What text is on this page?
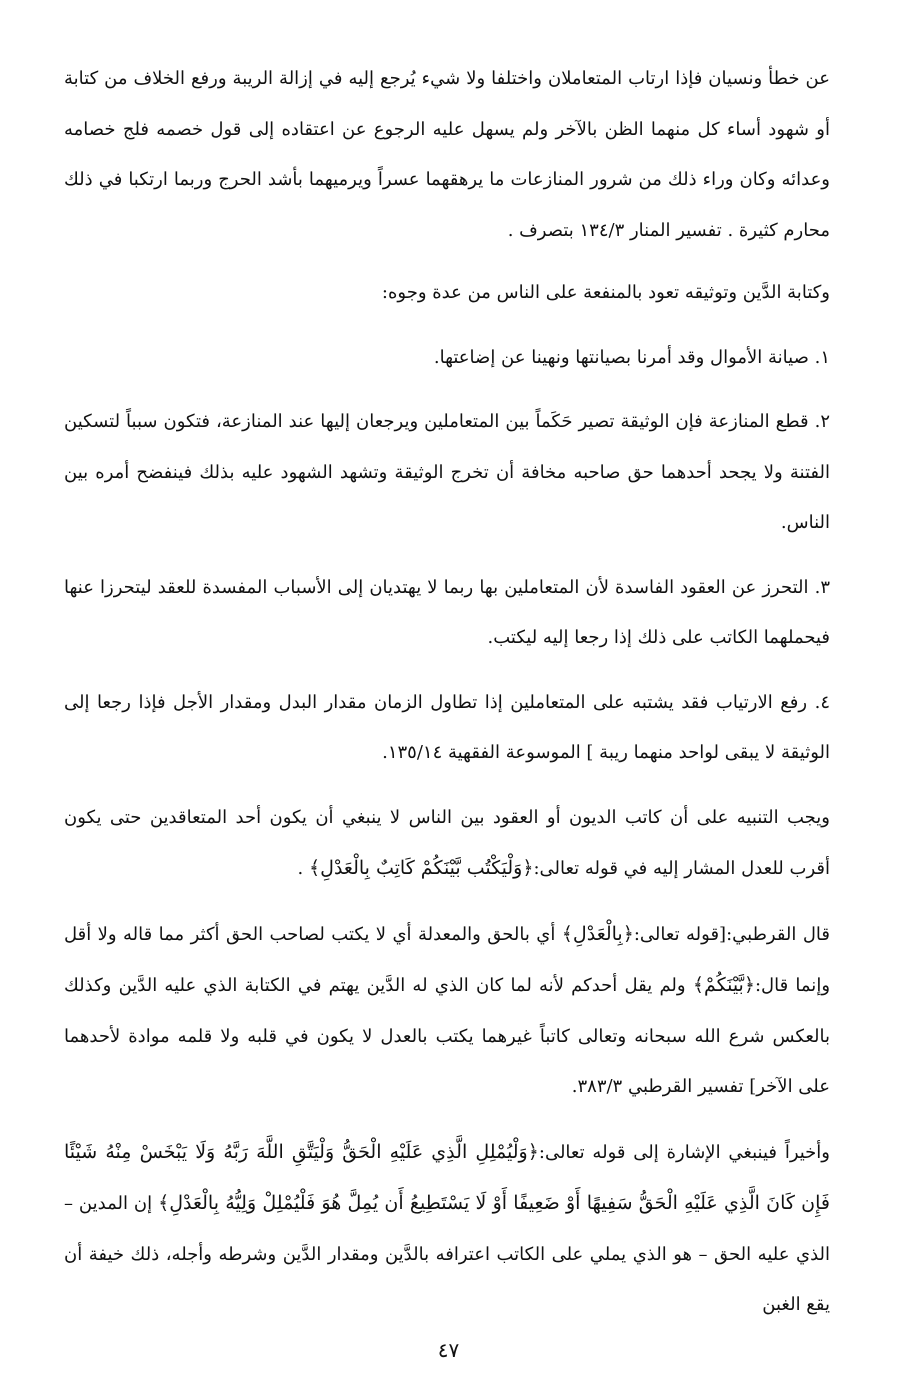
عن خطأ ونسيان فإذا ارتاب المتعاملان واختلفا ولا شيء يُرجع إليه في إزالة الريبة ورفع الخلاف من كتابة أو شهود أساء كل منهما الظن بالآخر ولم يسهل عليه الرجوع عن اعتقاده إلى قول خصمه فلج خصامه وعدائه وكان وراء ذلك من شرور المنازعات ما يرهقهما عسراً ويرميهما بأشد الحرج وربما ارتكبا في ذلك محارم كثيرة . تفسير المنار ١٣٤/٣ بتصرف .

وكتابة الدَّين وتوثيقه تعود بالمنفعة على الناس من عدة وجوه:

١. صيانة الأموال وقد أمرنا بصيانتها ونهينا عن إضاعتها.

٢. قطع المنازعة فإن الوثيقة تصير حَكَماً بين المتعاملين ويرجعان إليها عند المنازعة، فتكون سبباً لتسكين الفتنة ولا يجحد أحدهما حق صاحبه مخافة أن تخرج الوثيقة وتشهد الشهود عليه بذلك فينفضح أمره بين الناس.

٣. التحرز عن العقود الفاسدة لأن المتعاملين بها ربما لا يهتديان إلى الأسباب المفسدة للعقد ليتحرزا عنها فيحملهما الكاتب على ذلك إذا رجعا إليه ليكتب.

٤. رفع الارتياب فقد يشتبه على المتعاملين إذا تطاول الزمان مقدار البدل ومقدار الأجل فإذا رجعا إلى الوثيقة لا يبقى لواحد منهما ريبة ] الموسوعة الفقهية ١٣٥/١٤.

ويجب التنبيه على أن كاتب الديون أو العقود بين الناس لا ينبغي أن يكون أحد المتعاقدين حتى يكون أقرب للعدل المشار إليه في قوله تعالى:﴿وَلْيَكْتُب بَّيْنَكُمْ كَاتِبٌ بِالْعَدْلِ﴾ .

قال القرطبي:[قوله تعالى:﴿بِالْعَدْلِ﴾ أي بالحق والمعدلة أي لا يكتب لصاحب الحق أكثر مما قاله ولا أقل وإنما قال:﴿بَّيْنَكُمْ﴾ ولم يقل أحدكم لأنه لما كان الذي له الدَّين يهتم في الكتابة الذي عليه الدَّين وكذلك بالعكس شرع الله سبحانه وتعالى كاتباً غيرهما يكتب بالعدل لا يكون في قلبه ولا قلمه موادة لأحدهما على الآخر] تفسير القرطبي ٣٨٣/٣.

وأخيراً فينبغي الإشارة إلى قوله تعالى:﴿وَلْيُمْلِلِ الَّذِي عَلَيْهِ الْحَقُّ وَلْيَتَّقِ اللَّهَ رَبَّهُ وَلَا يَبْخَسْ مِنْهُ شَيْئًا فَإِن كَانَ الَّذِي عَلَيْهِ الْحَقُّ سَفِيهًا أَوْ ضَعِيفًا أَوْ لَا يَسْتَطِيعُ أَن يُمِلَّ هُوَ فَلْيُمْلِلْ وَلِيُّهُ بِالْعَدْلِ﴾ إن المدين – الذي عليه الحق – هو الذي يملي على الكاتب اعترافه بالدَّين ومقدار الدَّين وشرطه وأجله، ذلك خيفة أن يقع الغبن

٤٧
